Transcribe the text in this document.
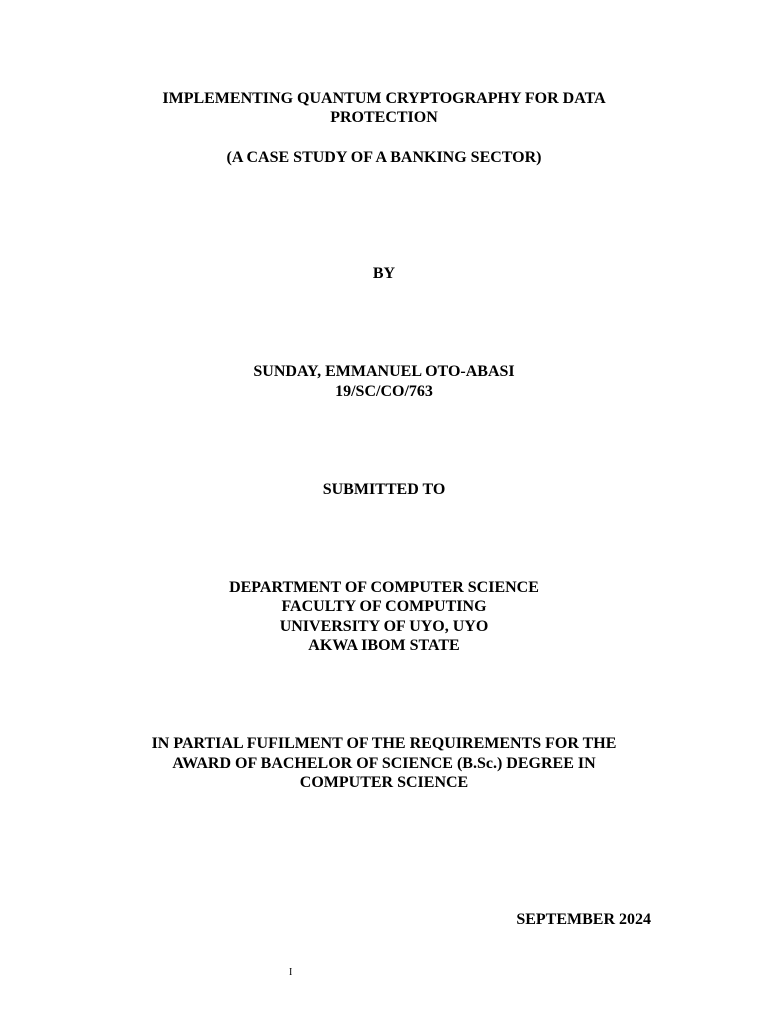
IMPLEMENTING QUANTUM CRYPTOGRAPHY FOR DATA
PROTECTION
(A CASE STUDY OF A BANKING SECTOR)
BY
SUNDAY, EMMANUEL OTO-ABASI
19/SC/CO/763
SUBMITTED TO
DEPARTMENT OF COMPUTER SCIENCE
FACULTY OF COMPUTING
UNIVERSITY OF UYO, UYO
AKWA IBOM STATE
IN PARTIAL FUFILMENT OF THE REQUIREMENTS FOR THE
AWARD OF BACHELOR OF SCIENCE (B.Sc.) DEGREE IN
COMPUTER SCIENCE
SEPTEMBER 2024
I
